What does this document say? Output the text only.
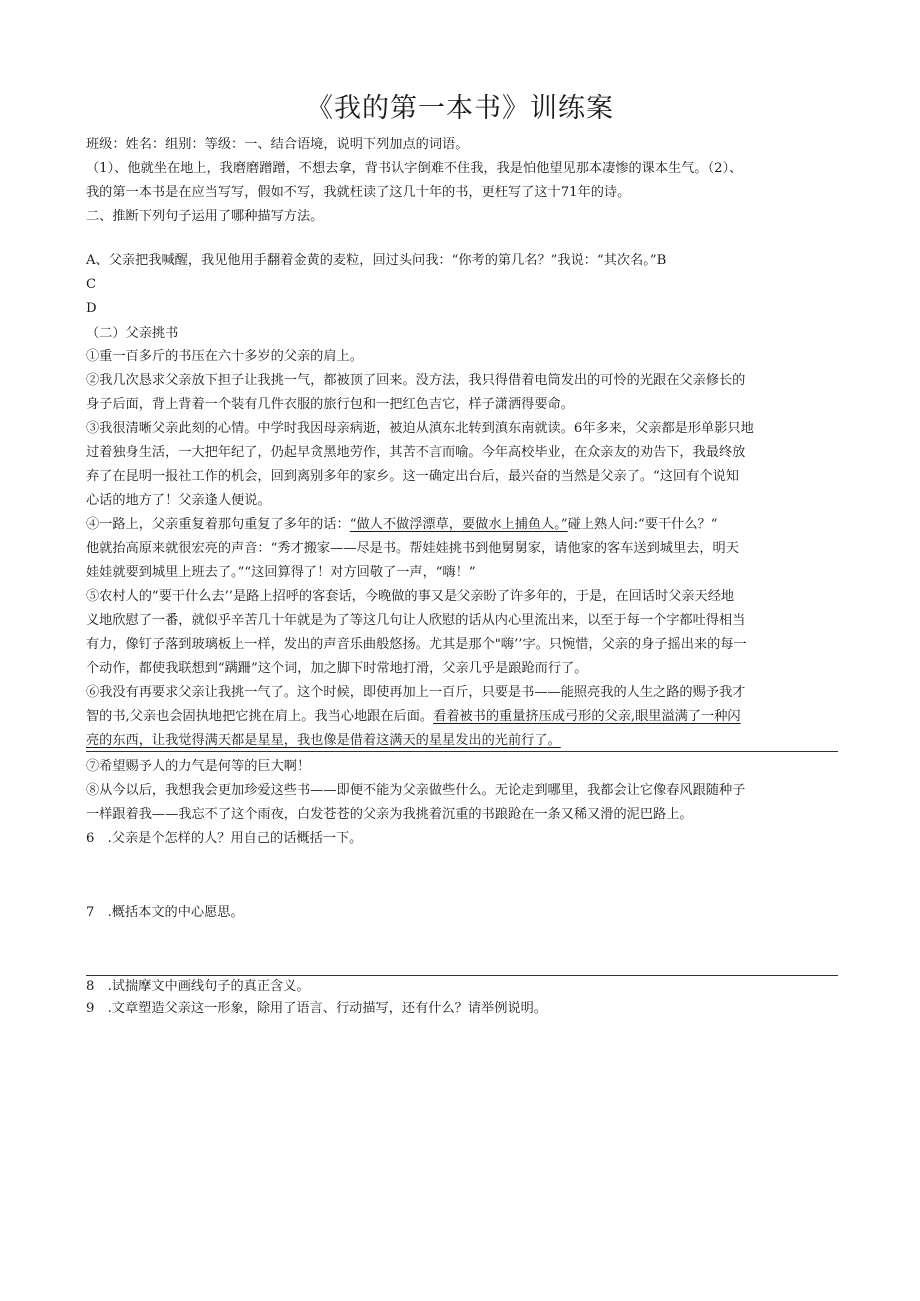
《我的第一本书》训练案
班级：姓名：组别：等级：一、结合语境，说明下列加点的词语。
（1）、他就坐在地上，我磨磨蹭蹭，不想去拿，背书认字倒难不住我，我是怕他望见那本凄惨的课本生气。（2）、
我的第一本书是在应当写写，假如不写，我就枉读了这几十年的书，更枉写了这十71年的诗。
二、推断下列句子运用了哪种描写方法。
A、父亲把我喊醒，我见他用手翻着金黄的麦粒，回过头问我：“你考的第几名？”我说：“其次名。”B
C
D
（二）父亲挑书
①重一百多斤的书压在六十多岁的父亲的肩上。
②我几次恳求父亲放下担子让我挑一气，都被顶了回来。没方法，我只得借着电筒发出的可怜的光跟在父亲修长的
身子后面，背上背着一个装有几件衣服的旅行包和一把红色吉它，样子潇洒得要命。
③我很清晰父亲此刻的心情。中学时我因母亲病逝，被迫从滇东北转到滇东南就读。6年多来，父亲都是形单影只地
过着独身生活，一大把年纪了，仍起早贪黑地劳作，其苦不言而喻。今年高校毕业，在众亲友的劝告下，我最终放
弃了在昆明一报社工作的机会，回到离别多年的家乡。这一确定出台后，最兴奋的当然是父亲了。“这回有个说知
心话的地方了！父亲逢人便说。
④一路上，父亲重复着那句重复了多年的话：“做人不做浮漂草，要做水上捕鱼人。”碰上熟人问:“要干什么？“
他就抬高原来就很宏亮的声音：“秀才搬家——尽是书。帮娃娃挑书到他舅舅家，请他家的客车送到城里去，明天
娃娃就要到城里上班去了。”“这回算得了！对方回敬了一声，“嗨！”
⑤农村人的“要干什么去’’是路上招呼的客套话，今晚做的事又是父亲盼了许多年的，于是，在回话时父亲天经地
义地欣慰了一番，就似乎辛苦几十年就是为了等这几句让人欣慰的话从内心里流出来，以至于每一个字都吐得相当
有力，像钉子落到玻璃板上一样，发出的声音乐曲般悠扬。尤其是那个"嗨’’字。只惋惜，父亲的身子摇出来的每一
个动作，都使我联想到“蹒跚”这个词，加之脚下时常地打滑，父亲几乎是踉跄而行了。
⑥我没有再要求父亲让我挑一气了。这个时候，即使再加上一百斤，只要是书——能照亮我的人生之路的赐予我才
智的书,父亲也会固执地把它挑在肩上。我当心地跟在后面。看着被书的重量挤压成弓形的父亲,眼里溢满了一种闪
亮的东西，让我觉得满天都是星星，我也像是借着这满天的星星发出的光前行了。
⑦希望赐予人的力气是何等的巨大啊！
⑧从今以后，我想我会更加珍爱这些书——即便不能为父亲做些什么。无论走到哪里，我都会让它像春风跟随种子
一样跟着我——我忘不了这个雨夜，白发苍苍的父亲为我挑着沉重的书踉跄在一条又稀又滑的泥巴路上。
6　.父亲是个怎样的人？用自己的话概括一下。
7　.概括本文的中心愿思。
8　.试揣摩文中画线句子的真正含义。
9　.文章塑造父亲这一形象，除用了语言、行动描写，还有什么？请举例说明。
